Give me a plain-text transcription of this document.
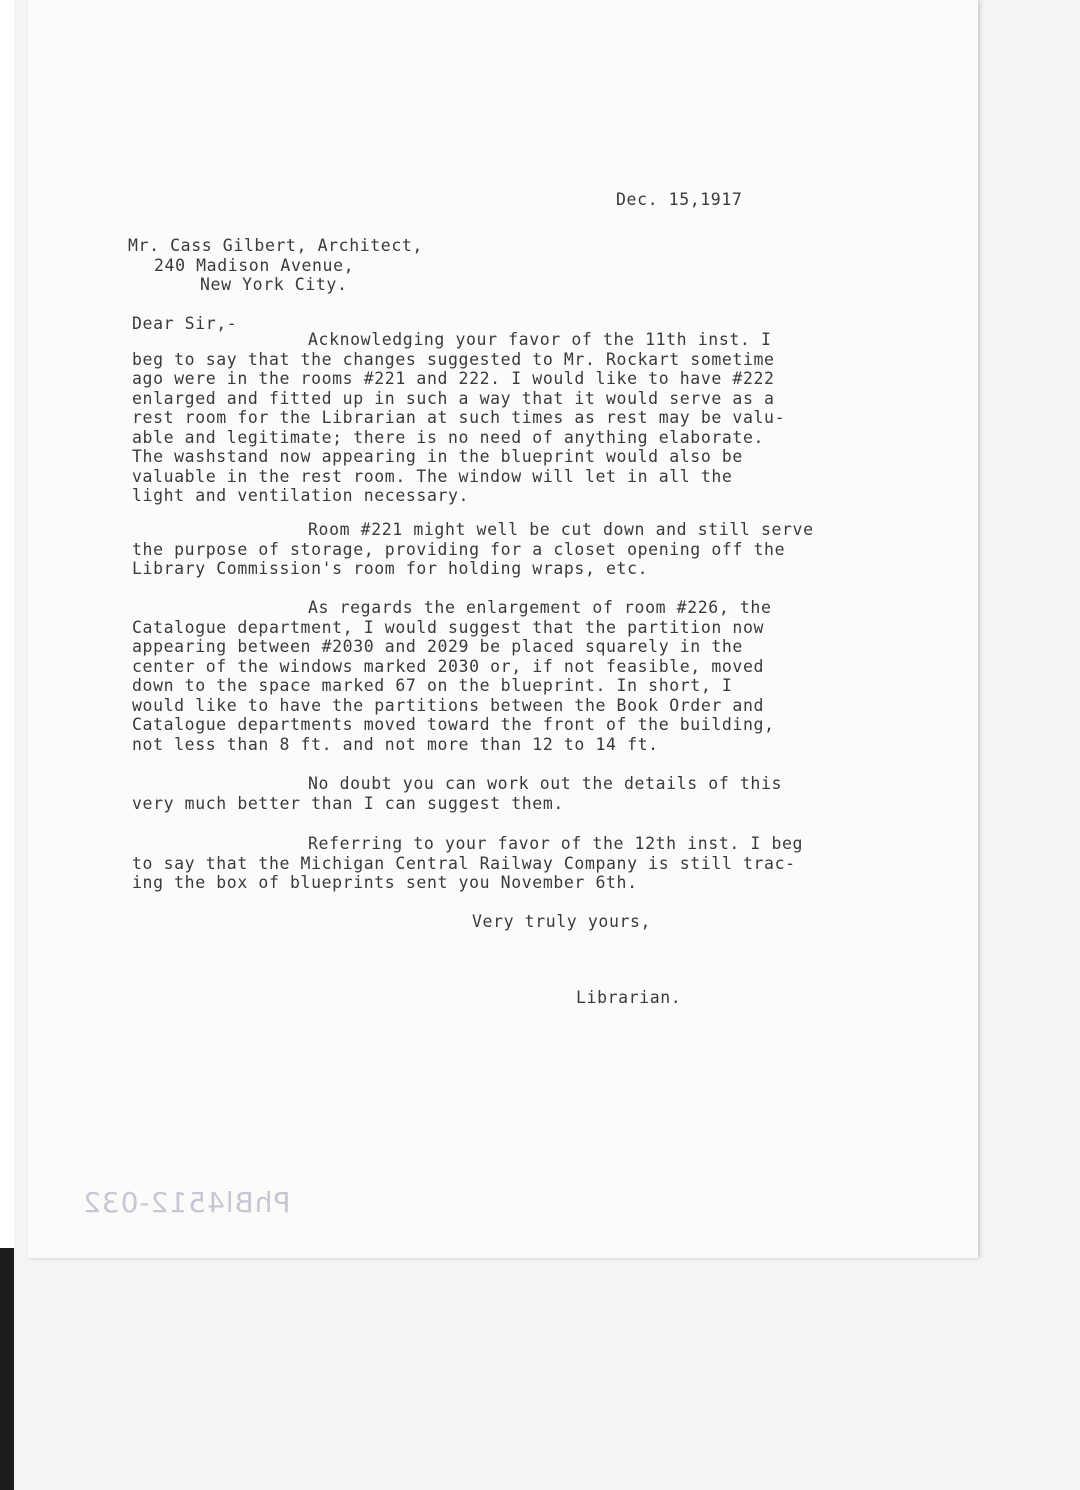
Dec. 15,1917
Mr. Cass Gilbert, Architect,
240 Madison Avenue,
New York City.
Dear Sir,-
Acknowledging your favor of the 11th inst. I
beg to say that the changes suggested to Mr. Rockart sometime
ago were in the rooms #221 and 222. I would like to have #222
enlarged and fitted up in such a way that it would serve as a
rest room for the Librarian at such times as rest may be valu-
able and legitimate; there is no need of anything elaborate.
The washstand now appearing in the blueprint would also be
valuable in the rest room. The window will let in all the
light and ventilation necessary.
Room #221 might well be cut down and still serve
the purpose of storage, providing for a closet opening off the
Library Commission's room for holding wraps, etc.
As regards the enlargement of room #226, the
Catalogue department, I would suggest that the partition now
appearing between #2030 and 2029 be placed squarely in the
center of the windows marked 2030 or, if not feasible, moved
down to the space marked 67 on the blueprint. In short, I
would like to have the partitions between the Book Order and
Catalogue departments moved toward the front of the building,
not less than 8 ft. and not more than 12 to 14 ft.
No doubt you can work out the details of this
very much better than I can suggest them.
Referring to your favor of the 12th inst. I beg
to say that the Michigan Central Railway Company is still trac-
ing the box of blueprints sent you November 6th.
Very truly yours,
Librarian.
PhBl4512-032
